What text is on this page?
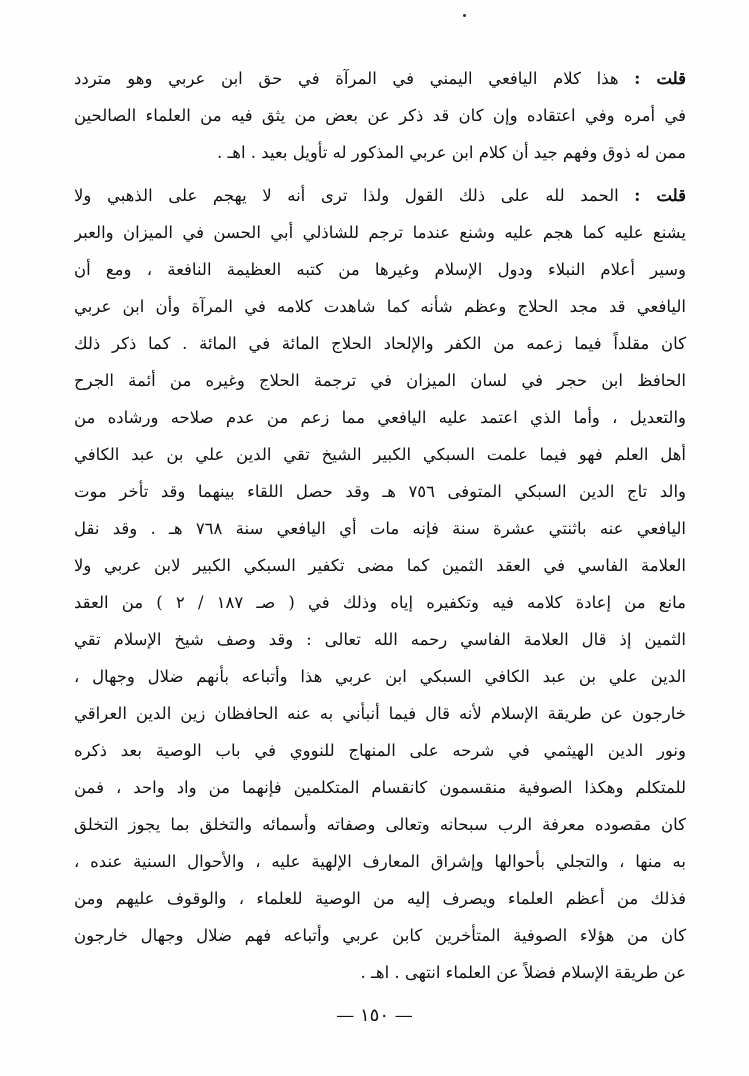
قلت : هذا كلام اليافعي اليمني في المرآة في حق ابن عربي وهو متردد
في أمره وفي اعتقاده وإن كان قد ذكر عن بعض من يثق فيه من العلماء الصالحين
ممن له ذوق وفهم جيد أن كلام ابن عربي المذكور له تأويل بعيد . اهـ .
قلت : الحمد لله على ذلك القول ولذا ترى أنه لا يهجم على الذهبي ولا
يشنع عليه كما هجم عليه وشنع عندما ترجم للشاذلي أبي الحسن في الميزان والعبر
وسير أعلام النبلاء ودول الإسلام وغيرها من كتبه العظيمة النافعة ، ومع أن
اليافعي قد مجد الحلاج وعظم شأنه كما شاهدت كلامه في المرآة وأن ابن عربي
كان مقلداً فيما زعمه من الكفر والإلحاد الحلاج المائة في المائة . كما ذكر ذلك
الحافظ ابن حجر في لسان الميزان في ترجمة الحلاج وغيره من أئمة الجرح
والتعديل ، وأما الذي اعتمد عليه اليافعي مما زعم من عدم صلاحه ورشاده من
أهل العلم فهو فيما علمت السبكي الكبير الشيخ تقي الدين علي بن عبد الكافي
والد تاج الدين السبكي المتوفى ٧٥٦ هـ وقد حصل اللقاء بينهما وقد تأخر موت
اليافعي عنه باثنتي عشرة سنة فإنه مات أي اليافعي سنة ٧٦٨ هـ . وقد نقل
العلامة الفاسي في العقد الثمين كما مضى تكفير السبكي الكبير لابن عربي ولا
مانع من إعادة كلامه فيه وتكفيره إياه وذلك في ( صـ ١٨٧ / ٢ ) من العقد
الثمين إذ قال العلامة الفاسي رحمه الله تعالى : وقد وصف شيخ الإسلام تقي
الدين علي بن عبد الكافي السبكي ابن عربي هذا وأتباعه بأنهم ضلال وجهال ،
خارجون عن طريقة الإسلام لأنه قال فيما أنبأني به عنه الحافظان زين الدين العراقي
ونور الدين الهيثمي في شرحه على المنهاج للنووي في باب الوصية بعد ذكره
للمتكلم وهكذا الصوفية منقسمون كانقسام المتكلمين فإنهما من واد واحد ، فمن
كان مقصوده معرفة الرب سبحانه وتعالى وصفاته وأسمائه والتخلق بما يجوز التخلق
به منها ، والتجلي بأحوالها وإشراق المعارف الإلهية عليه ، والأحوال السنية عنده ،
فذلك من أعظم العلماء ويصرف إليه من الوصية للعلماء ، والوقوف عليهم ومن
كان من هؤلاء الصوفية المتأخرين كابن عربي وأتباعه فهم ضلال وجهال خارجون
عن طريقة الإسلام فضلاً عن العلماء انتهى . اهـ .
— ١٥٠ —
